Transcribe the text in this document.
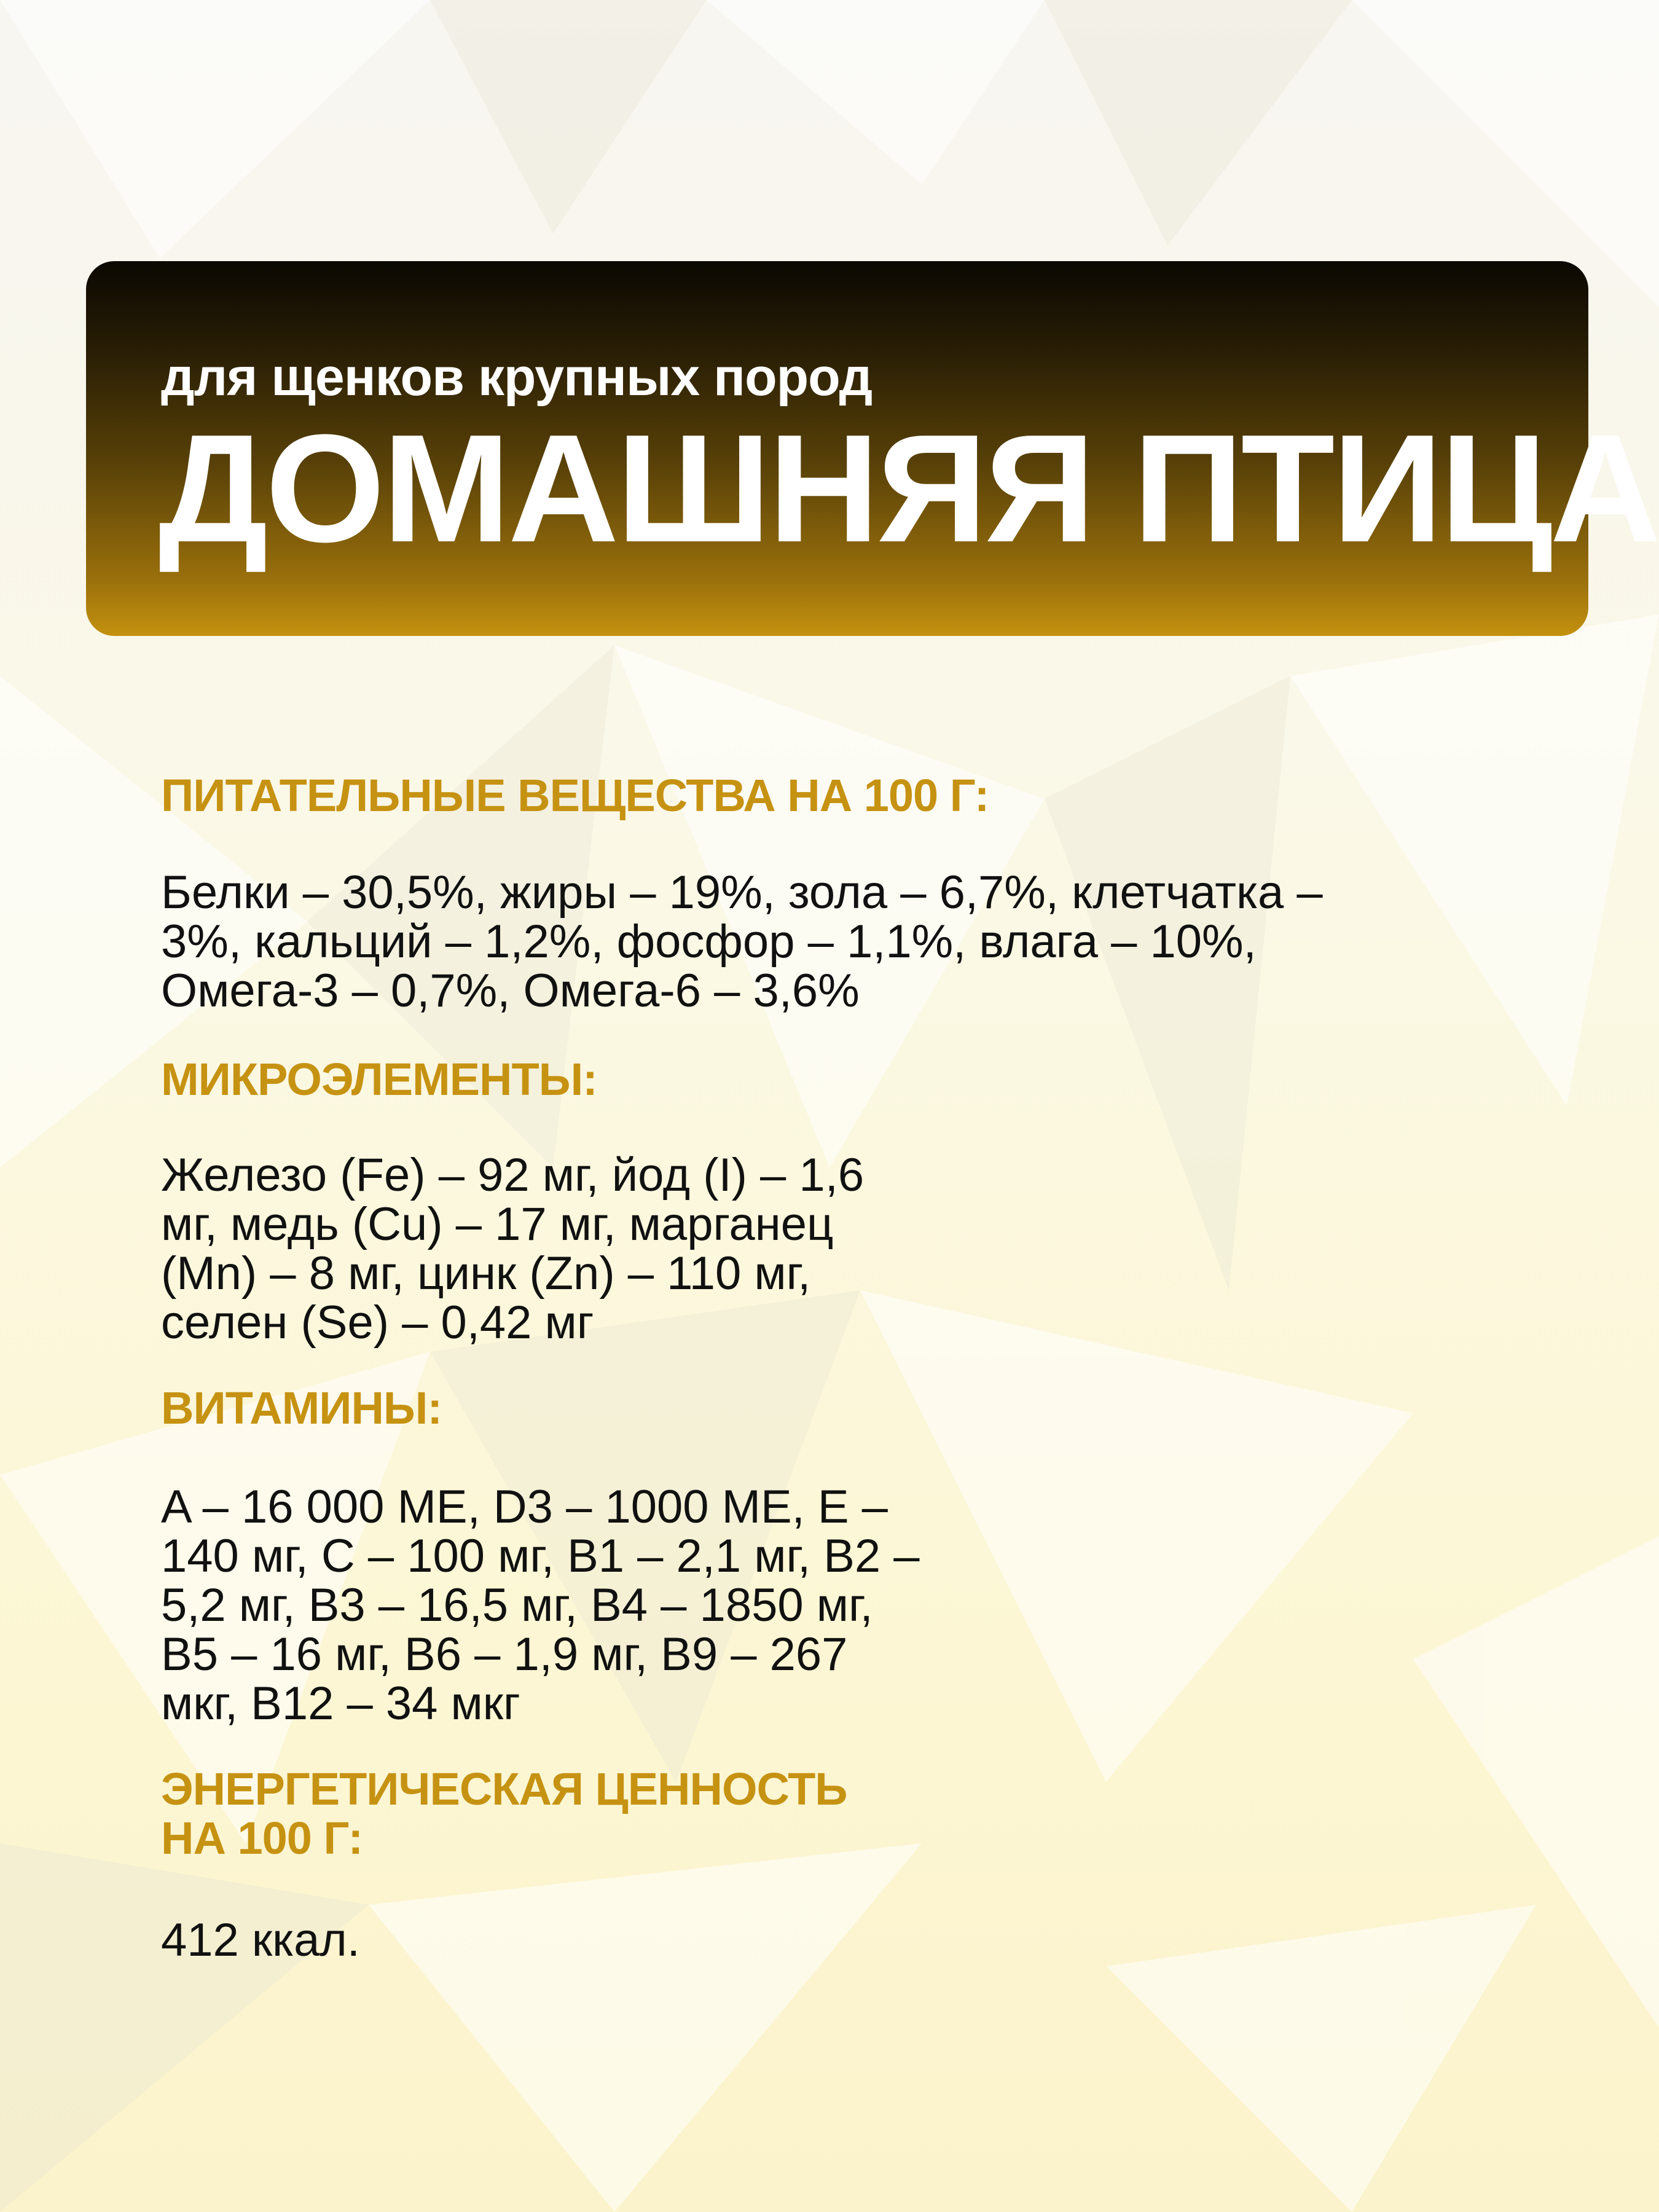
для щенков крупных пород
ДОМАШНЯЯ ПТИЦА
ПИТАТЕЛЬНЫЕ ВЕЩЕСТВА НА 100 Г:
Белки – 30,5%, жиры – 19%, зола – 6,7%, клетчатка –
3%, кальций – 1,2%, фосфор – 1,1%, влага – 10%,
Омега-3 – 0,7%, Омега-6 – 3,6%
МИКРОЭЛЕМЕНТЫ:
Железо (Fe) – 92 мг, йод (I) – 1,6
мг, медь (Cu) – 17 мг, марганец
(Mn) – 8 мг, цинк (Zn) – 110 мг,
селен (Se) – 0,42 мг
ВИТАМИНЫ:
A – 16 000 МЕ, D3 – 1000 МЕ, E –
140 мг, C – 100 мг, B1 – 2,1 мг, B2 –
5,2 мг, B3 – 16,5 мг, B4 – 1850 мг,
B5 – 16 мг, B6 – 1,9 мг, B9 – 267
мкг, B12 – 34 мкг
ЭНЕРГЕТИЧЕСКАЯ ЦЕННОСТЬ
НА 100 Г:
412 ккал.
